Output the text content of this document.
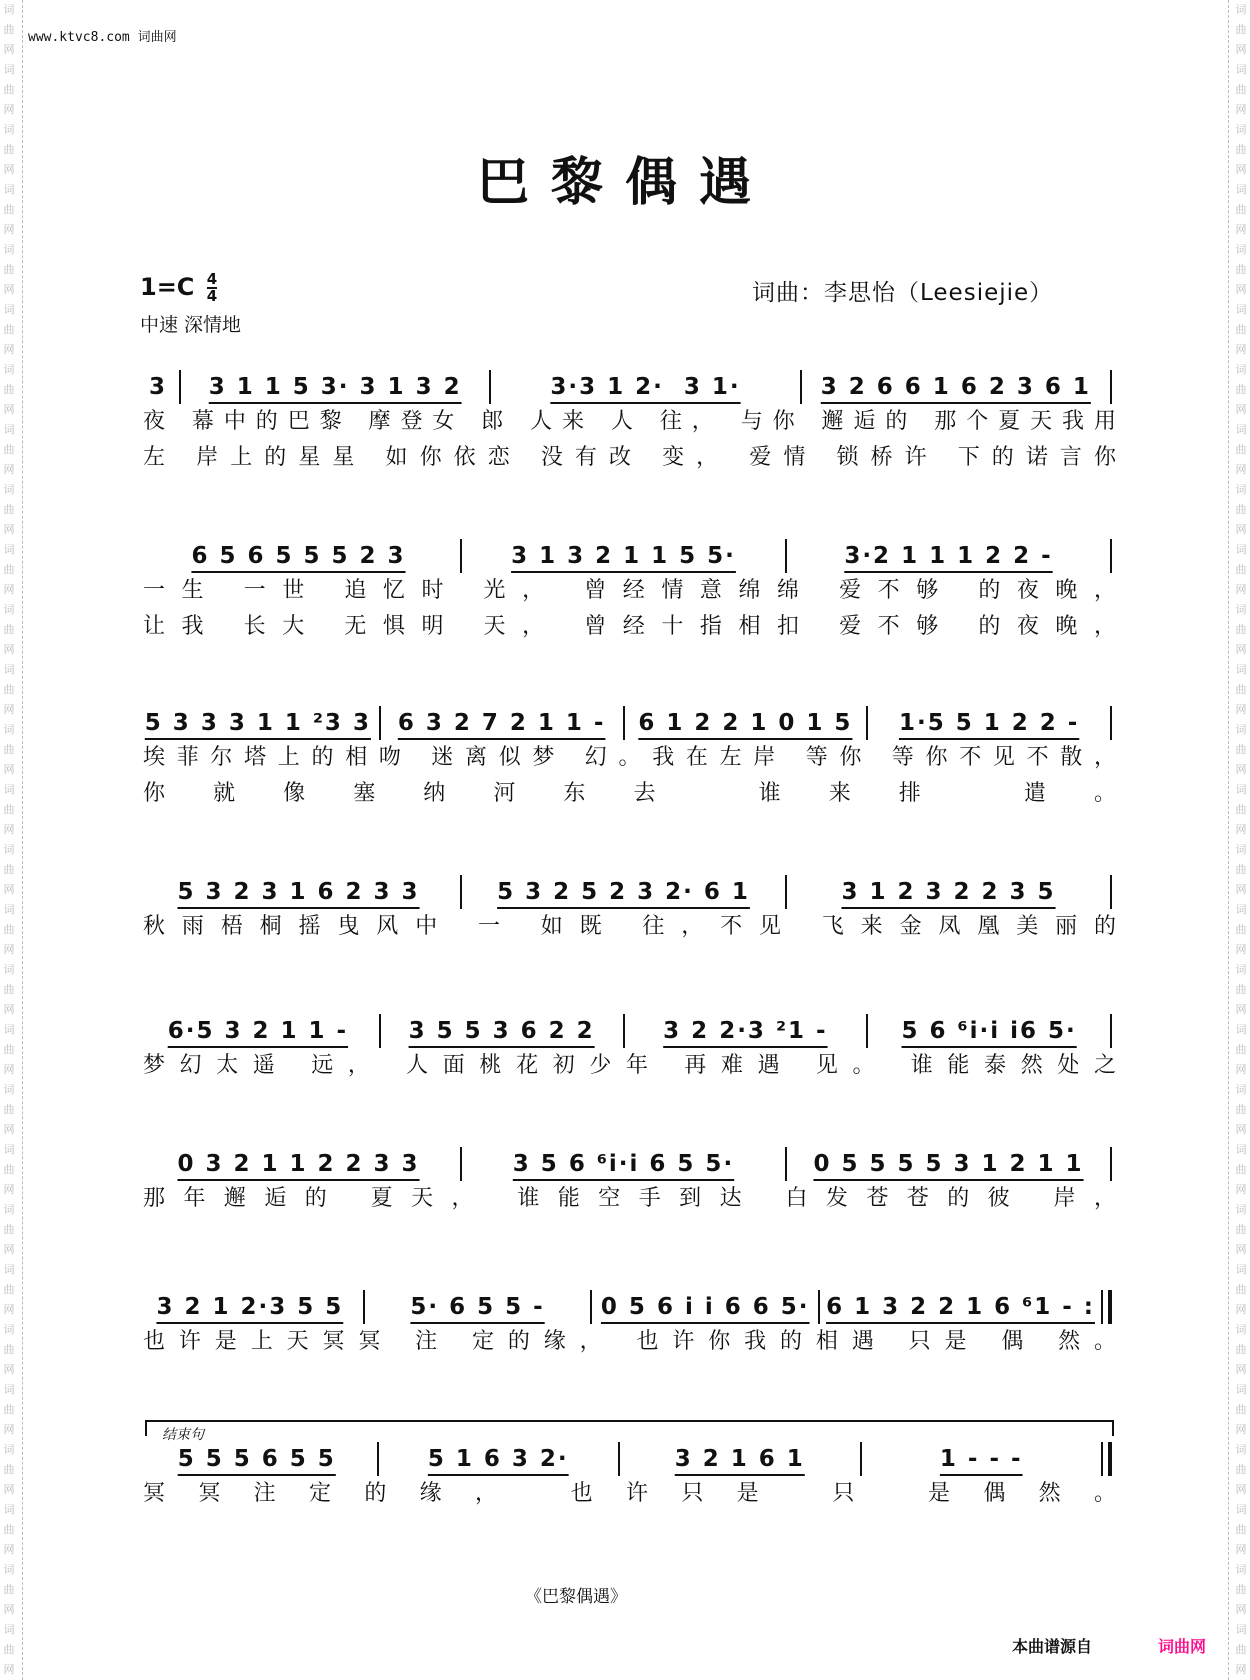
词
曲
网
词
曲
网
词
曲
网
词
曲
网
词
曲
网
词
曲
网
词
曲
网
词
曲
网
词
曲
网
词
曲
网
词
曲
网
词
曲
网
词
曲
网
词
曲
网
词
曲
网
词
曲
网
词
曲
网
词
曲
网
词
曲
网
词
曲
网
词
曲
网
词
曲
网
词
曲
网
词
曲
网
词
曲
网
词
曲
网
词
曲
网
词
曲
网
词
曲
网
词
曲
网
词
曲
网
词
曲
网
词
曲
网
词
曲
网
词
曲
网
词
曲
网
词
曲
网
词
曲
网
词
曲
网
词
曲
网
词
曲
网
词
曲
网
词
曲
网
词
曲
网
词
曲
网
词
曲
网
词
曲
网
词
曲
网
词
曲
网
词
曲
网
词
曲
网
词
曲
网
词
曲
网
词
曲
网
词
曲
网
词
曲
网
www.ktvc8.com 词曲网
巴黎偶遇
$1=C \frac{4}{4}$
中速 深情地
词曲：李思怡（Leesiejie）
3	3 1 1 5 3· 3 1 3 2	3·3 1 2·  3 1·	3 2 6 6 1 6 2 3 6 1
夜 幕中的巴黎 摩登女 郎 人来 人 往， 与你 邂逅的 那个夏天我用
左 岸上的星星 如你依恋 没有改 变， 爱情 锁桥许 下的诺言你
6 5 6 5 5 5 2 3	3 1 3 2 1 1 5 5·	3·2 1 1 1 2 2 -
一生 一世 追忆时 光， 曾经情意绵绵 爱不够 的夜晚，
让我 长大 无惧明 天， 曾经十指相扣 爱不够 的夜晚，
5 3 3 3 1 1 ²3 3	6 3 2 7 2 1 1 -	6 1 2 2 1 0 1 5	1·5 5 1 2 2 -
埃菲尔塔上的相吻 迷离似梦 幻。我在左岸 等你 等你不见不散，
你就像塞纳河东去 谁来排 遣。
5 3 2 3 1 6 2 3 3	5 3 2 5 2 3 2· 6 1	3 1 2 3 2 2 3 5
秋雨梧桐摇曳风中 一 如既 往，不见 飞来金凤凰美丽的
6·5 3 2 1 1 -	3 5 5 3 6 2 2	3 2 2·3 ²1 -	5 6 ⁶i·i i6 5·
梦幻太遥 远， 人面桃花初少年 再难遇 见。 谁能泰然处之
0 3 2 1 1 2 2 3 3	3 5 6 ⁶i·i 6 5 5·	0 5 5 5 5 3 1 2 1 1
那年邂逅的 夏天， 谁能空手到达 白发苍苍的彼 岸，
3 2 1 2·3 5 5	5· 6 5 5 -	0 5 6 i i 6 6 5· 6 1 3 2 2 1 6 ⁶1 - :
也许是上天冥冥 注 定的缘， 也许你我的相遇 只是 偶 然。
5 5 5 6 5 5	5 1 6 3 2·	3 2 1 6 1	1 - - -
冥冥注定的缘， 也许只是 只 是偶然。
结束句
《巴黎偶遇》
本曲谱源自	词曲网
